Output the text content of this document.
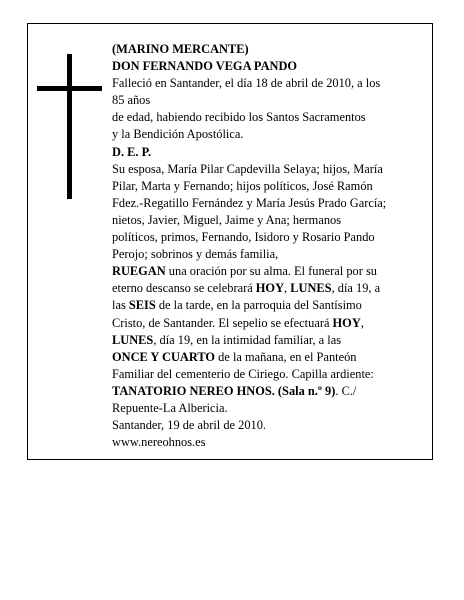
(MARINO MERCANTE)

DON FERNANDO VEGA PANDO

Falleció en Santander, el día 18 de abril de 2010, a los

85 años

de edad, habiendo recibido los Santos Sacramentos

y la Bendición Apostólica.

D. E. P.

Su esposa, María Pilar Capdevilla Selaya; hijos, María

Pilar, Marta y Fernando; hijos políticos, José Ramón

Fdez.-Regatillo Fernández y María Jesús Prado García;

nietos, Javier, Miguel, Jaime y Ana; hermanos

políticos, primos, Fernando, Isidoro y Rosario Pando

Perojo; sobrinos y demás familia,

RUEGAN una oración por su alma. El funeral por su

eterno descanso se celebrará HOY, LUNES, día 19, a

las SEIS de la tarde, en la parroquia del Santísimo

Cristo, de Santander. El sepelio se efectuará HOY,

LUNES, día 19, en la intimidad familiar, a las

ONCE Y CUARTO de la mañana, en el Panteón

Familiar del cementerio de Ciriego. Capilla ardiente:

TANATORIO NEREO HNOS. (Sala n.º 9). C./

Repuente-La Albericia.

Santander, 19 de abril de 2010.

www.nereohnos.es
